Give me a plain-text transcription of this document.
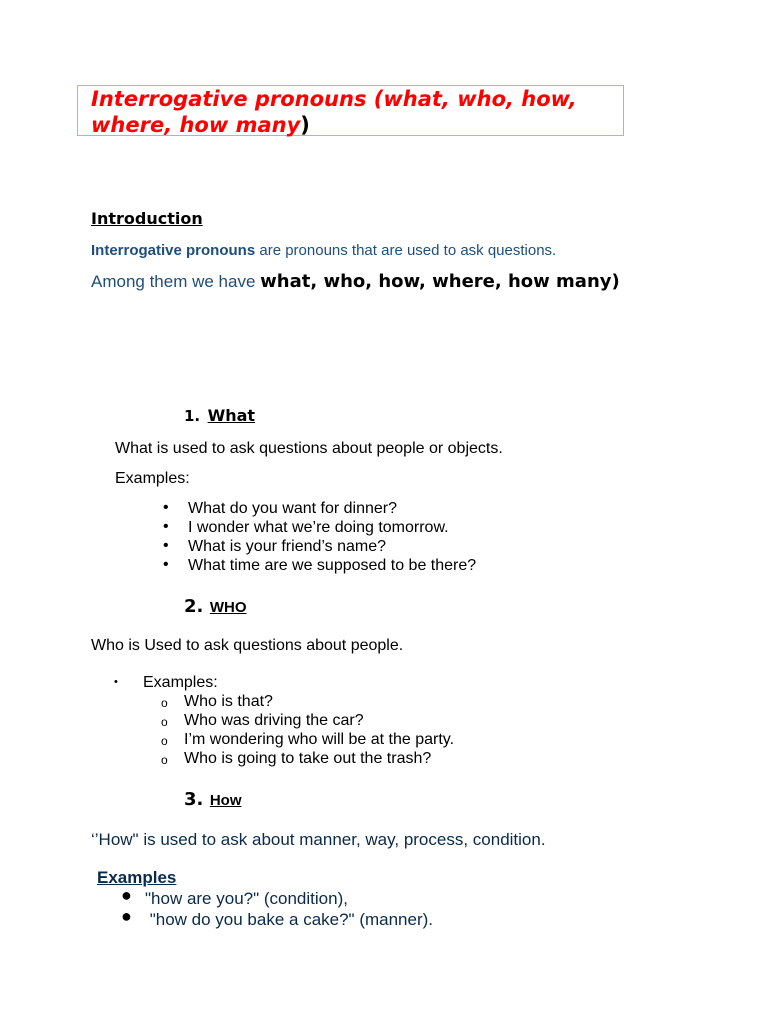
Interrogative pronouns (what, who, how, where, how many)
Introduction
Interrogative pronouns are pronouns that are used to ask questions.
Among them we have what, who, how, where, how many)
1. What
What is used to ask questions about people or objects.
Examples:
• What do you want for dinner?
• I wonder what we’re doing tomorrow.
• What is your friend’s name?
• What time are we supposed to be there?
2. WHO
Who is Used to ask questions about people.
• Examples:
o Who is that?
o Who was driving the car?
o I’m wondering who will be at the party.
o Who is going to take out the trash?
3. How
‘’How" is used to ask about manner, way, process, condition.
Examples
● "how are you?" (condition),
● "how do you bake a cake?" (manner).
